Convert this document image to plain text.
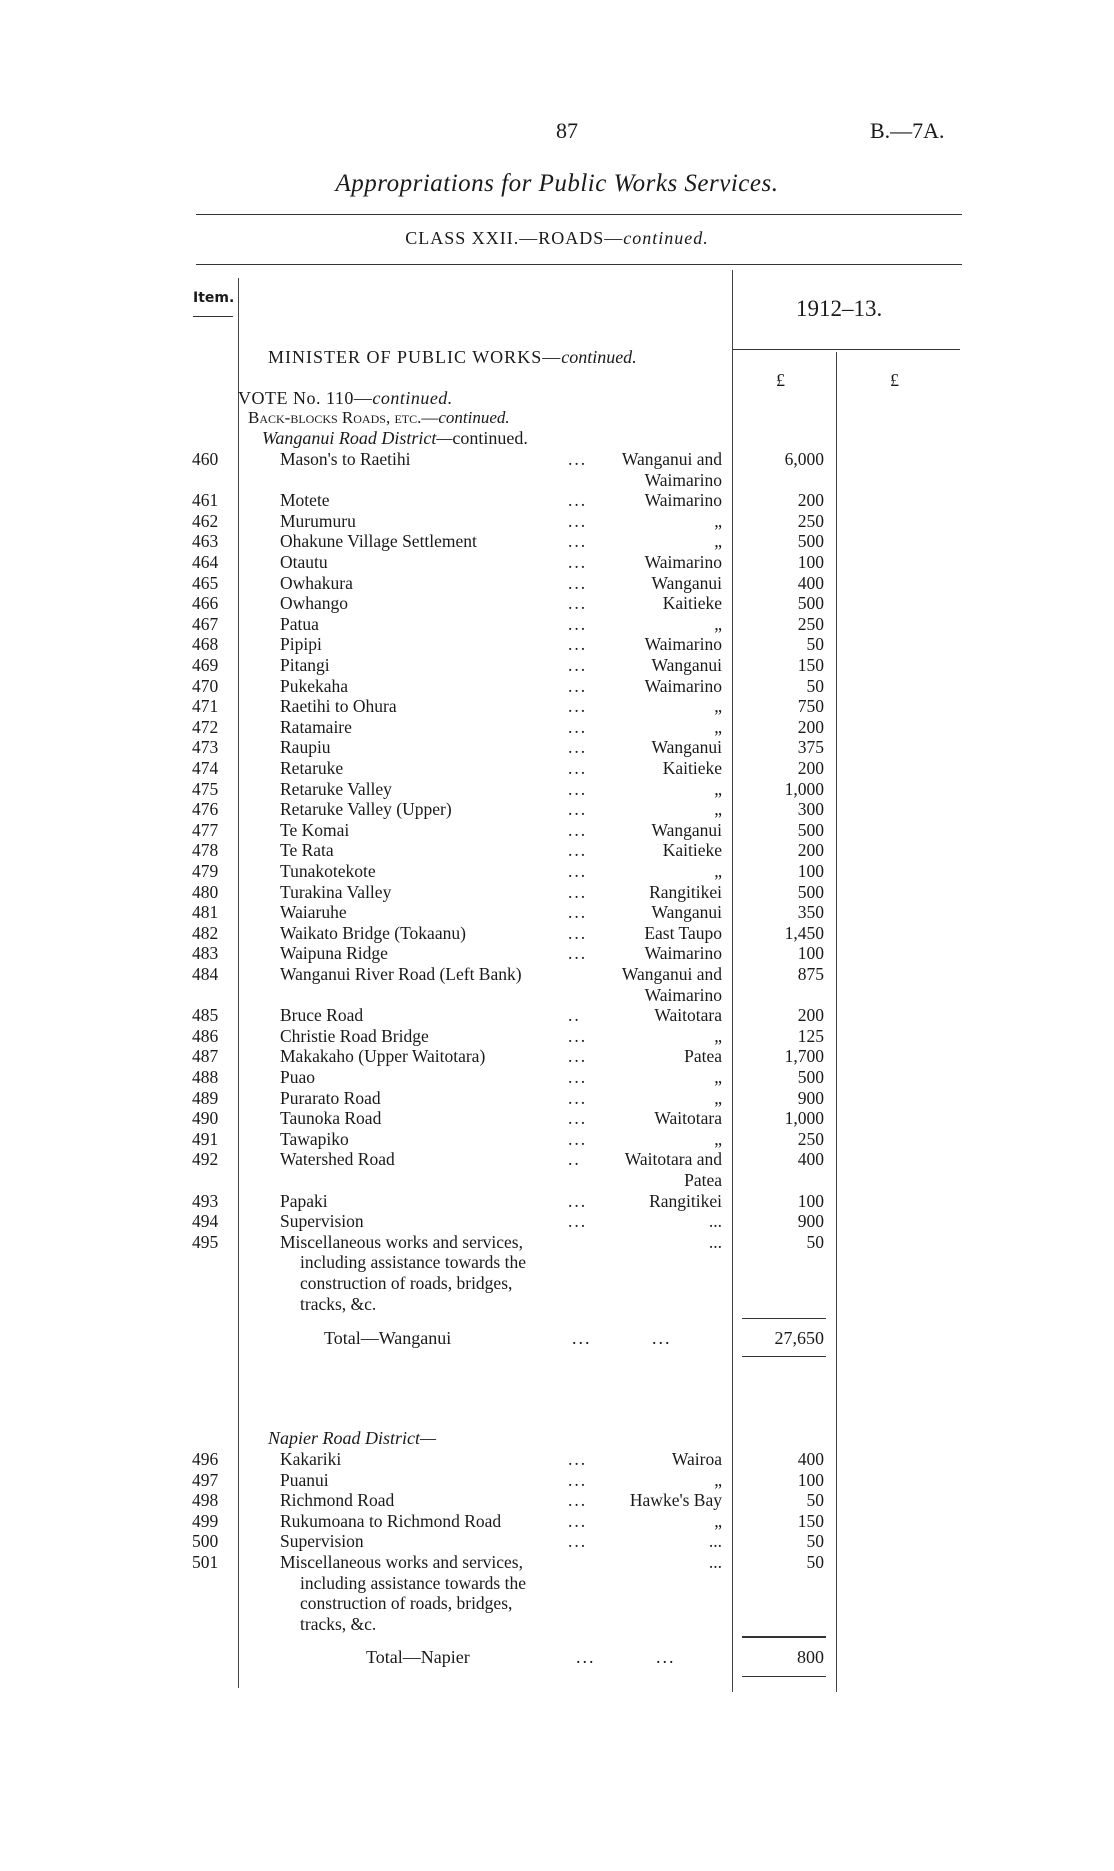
87	B.—7A.
Appropriations for Public Works Services.
CLASS XXII.—ROADS—continued.
Item.	1912–13.
£	£
MINISTER OF PUBLIC WORKS—continued.
VOTE No. 110—continued.
Back-blocks Roads, etc.—continued.
Wanganui Road District—continued.
460	Mason's to Raetihi	... Wanganui and	6,000
Waimarino
461	Motete	...	Waimarino	200
462	Murumuru	...	„	250
463	Ohakune Village Settlement	...	„	500
464	Otautu	...	Waimarino	100
465	Owhakura	...	Wanganui	400
466	Owhango	...	Kaitieke	500
467	Patua	...	„	250
468	Pipipi	...	Waimarino	50
469	Pitangi	...	Wanganui	150
470	Pukekaha	...	Waimarino	50
471	Raetihi to Ohura	...	„	750
472	Ratamaire	...	„	200
473	Raupiu	...	Wanganui	375
474	Retaruke	...	Kaitieke	200
475	Retaruke Valley	...	„	1,000
476	Retaruke Valley (Upper)	...	„	300
477	Te Komai	...	Wanganui	500
478	Te Rata	...	Kaitieke	200
479	Tunakotekote	...	„	100
480	Turakina Valley	...	Rangitikei	500
481	Waiaruhe	...	Wanganui	350
482	Waikato Bridge (Tokaanu)	...	East Taupo	1,450
483	Waipuna Ridge	...	Waimarino	100
484	Wanganui River Road (Left Bank)	Wanganui and	875
Waimarino
485	Bruce Road	..	Waitotara	200
486	Christie Road Bridge	...	„	125
487	Makakaho (Upper Waitotara)	...	Patea	1,700
488	Puao	...	„	500
489	Purarato Road	...	„	900
490	Taunoka Road	...	Waitotara	1,000
491	Tawapiko	...	„	250
492	Watershed Road	..	Waitotara and	400
Patea
493	Papaki	...	Rangitikei	100
494	Supervision	...	...	900
495	Miscellaneous works and services,	...	50
including assistance towards the
construction of roads, bridges,
tracks, &c.
Total—Wanganui	...	...	27,650
Napier Road District—
496	Kakariki	...	Wairoa	400
497	Puanui	...	„	100
498	Richmond Road	... Hawke's Bay	50
499	Rukumoana to Richmond Road	...	„	150
500	Supervision	...	...	50
501	Miscellaneous works and services,	...	50
including assistance towards the
construction of roads, bridges,
tracks, &c.
Total—Napier	...	...	800
